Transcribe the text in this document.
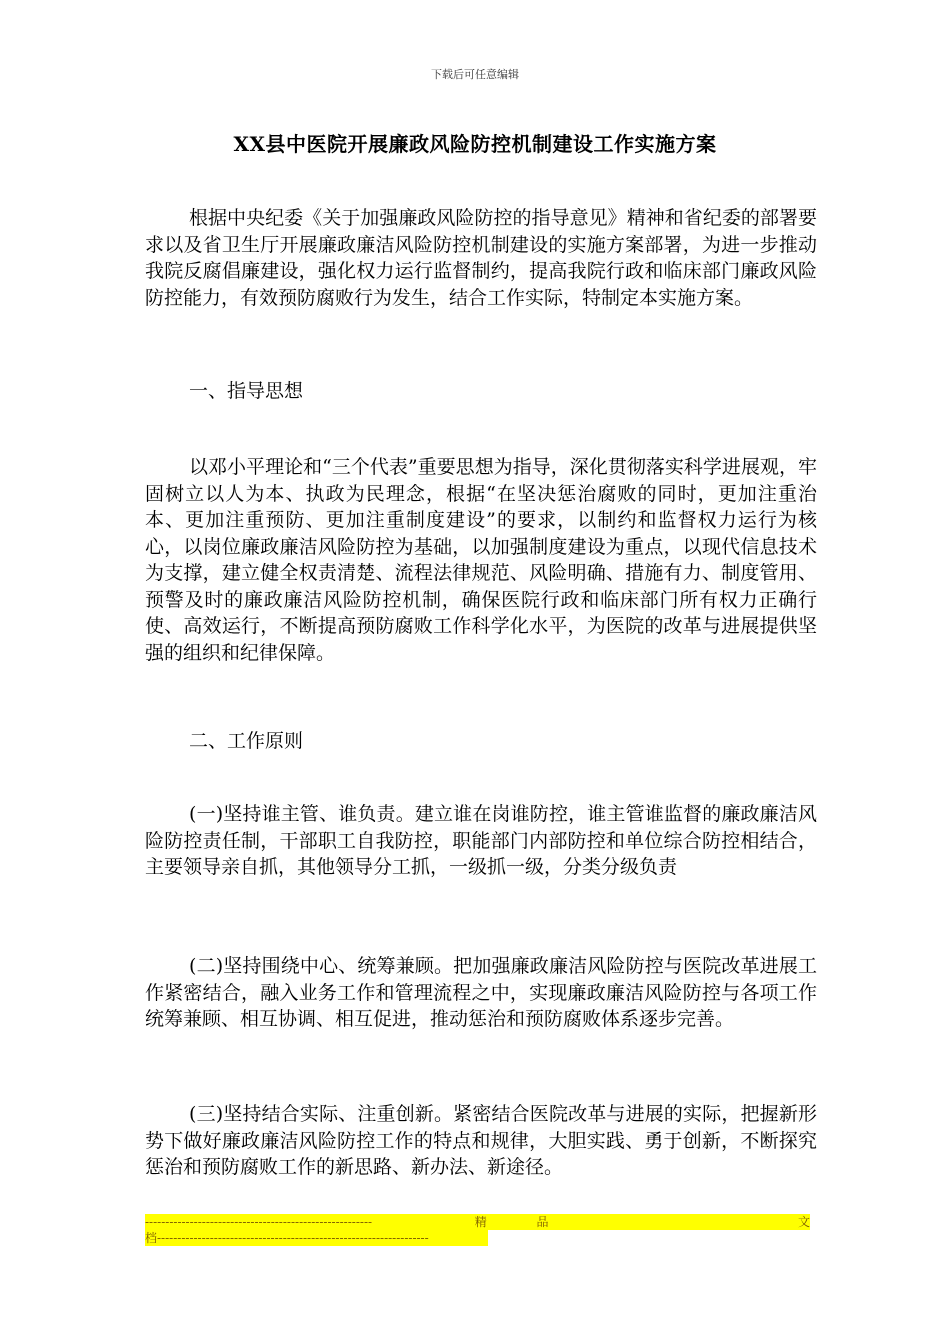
下载后可任意编辑
XX县中医院开展廉政风险防控机制建设工作实施方案

根据中央纪委《关于加强廉政风险防控的指导意见》精神和省纪委的部署要求以及省卫生厅开展廉政廉洁风险防控机制建设的实施方案部署，为进一步推动我院反腐倡廉建设，强化权力运行监督制约，提高我院行政和临床部门廉政风险防控能力，有效预防腐败行为发生，结合工作实际，特制定本实施方案。

一、指导思想

以邓小平理论和“三个代表”重要思想为指导，深化贯彻落实科学进展观，牢固树立以人为本、执政为民理念，根据“在坚决惩治腐败的同时，更加注重治本、更加注重预防、更加注重制度建设”的要求，以制约和监督权力运行为核心，以岗位廉政廉洁风险防控为基础，以加强制度建设为重点，以现代信息技术为支撑，建立健全权责清楚、流程法律规范、风险明确、措施有力、制度管用、预警及时的廉政廉洁风险防控机制，确保医院行政和临床部门所有权力正确行使、高效运行，不断提高预防腐败工作科学化水平，为医院的改革与进展提供坚强的组织和纪律保障。

二、工作原则

(一)坚持谁主管、谁负责。建立谁在岗谁防控，谁主管谁监督的廉政廉洁风险防控责任制，干部职工自我防控，职能部门内部防控和单位综合防控相结合，主要领导亲自抓，其他领导分工抓，一级抓一级，分类分级负责

(二)坚持围绕中心、统筹兼顾。把加强廉政廉洁风险防控与医院改革进展工作紧密结合，融入业务工作和管理流程之中，实现廉政廉洁风险防控与各项工作统筹兼顾、相互协调、相互促进，推动惩治和预防腐败体系逐步完善。

(三)坚持结合实际、注重创新。紧密结合医院改革与进展的实际，把握新形势下做好廉政廉洁风险防控工作的特点和规律，大胆实践、勇于创新，不断探究惩治和预防腐败工作的新思路、新办法、新途径。

--------------------------------------------------------	精	品	文
档-------------------------------------------------------------------
